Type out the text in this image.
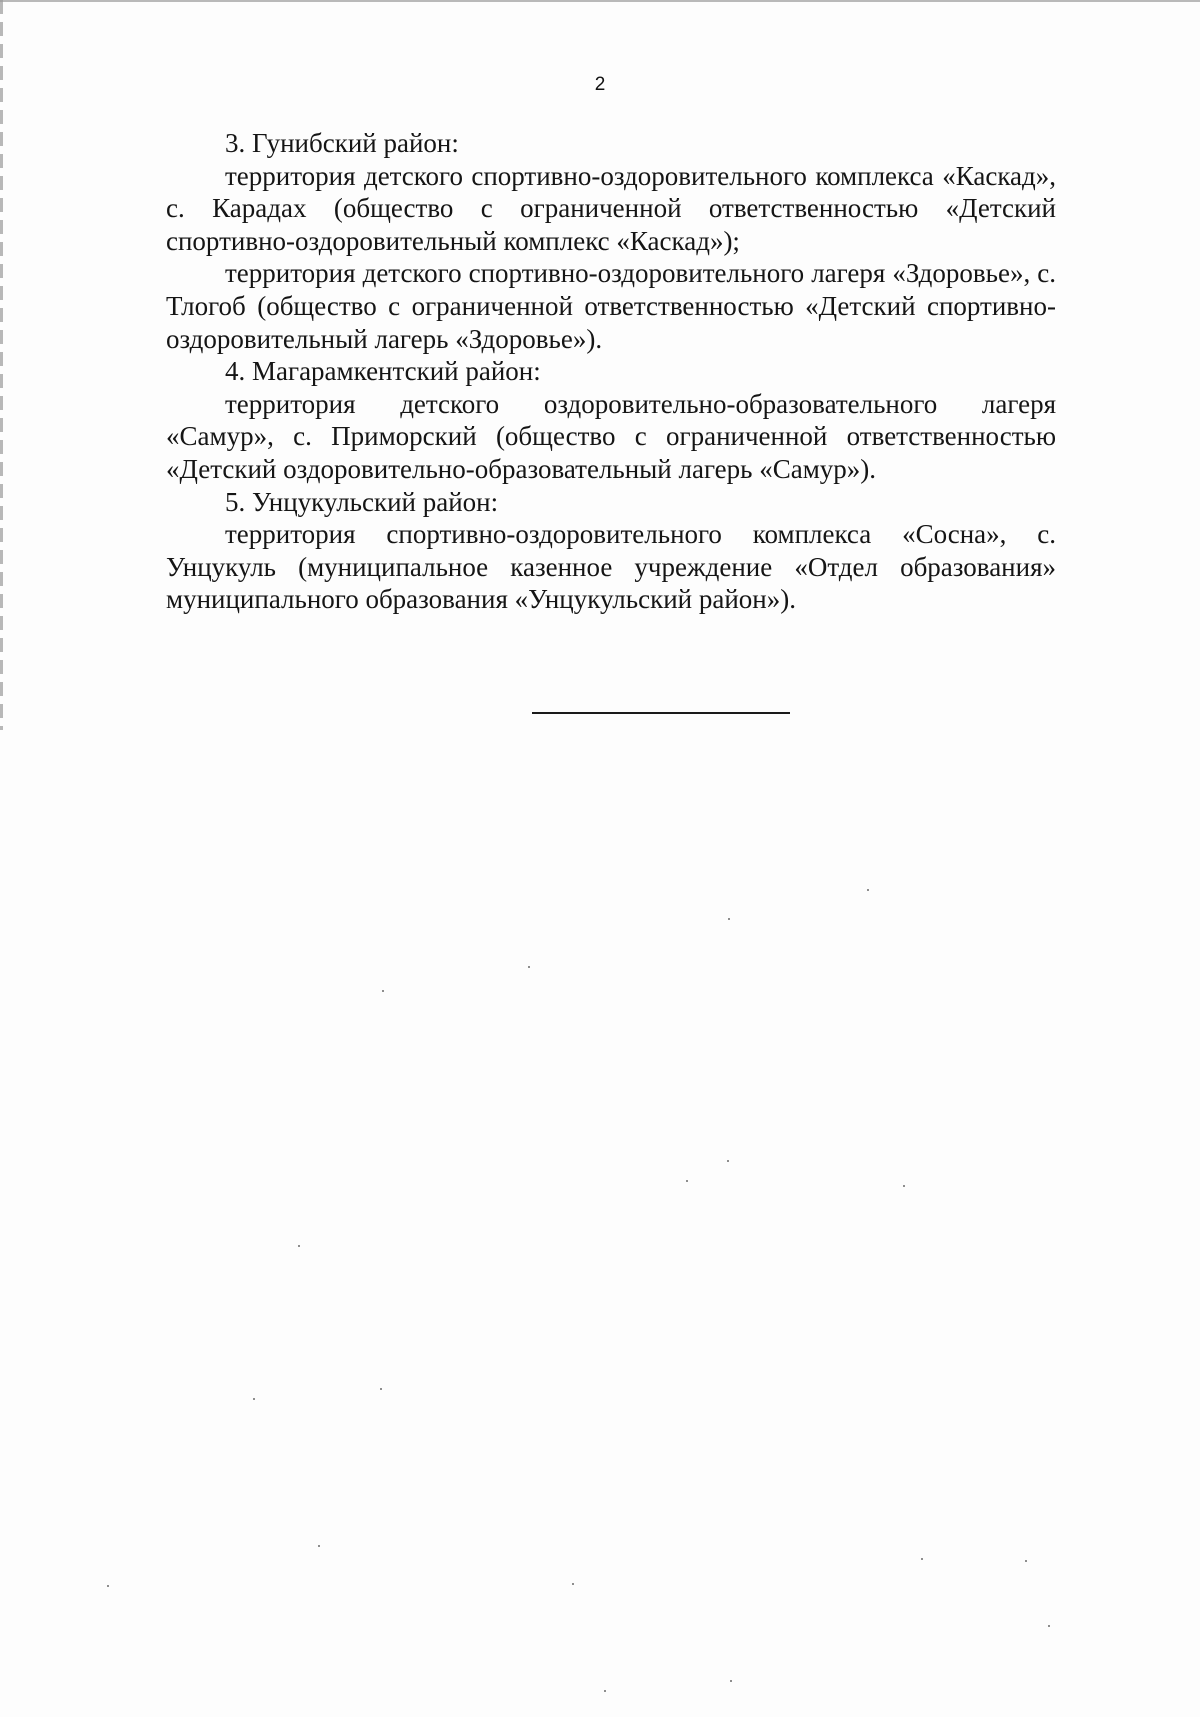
2

3. Гунибский район:

территория детского спортивно-оздоровительного комплекса «Каскад», с. Карадах (общество с ограниченной ответственностью «Детский спортивно-оздоровительный комплекс «Каскад»);

территория детского спортивно-оздоровительного лагеря «Здоровье», с. Тлогоб (общество с ограниченной ответственностью «Детский спортивно-оздоровительный лагерь «Здоровье»).

4. Магарамкентский район:

территория детского оздоровительно-образовательного лагеря «Самур», с. Приморский (общество с ограниченной ответственностью «Детский оздоровительно-образовательный лагерь «Самур»).

5. Унцукульский район:

территория спортивно-оздоровительного комплекса «Сосна», с. Унцукуль (муниципальное казенное учреждение «Отдел образования» муниципального образования «Унцукульский район»).
